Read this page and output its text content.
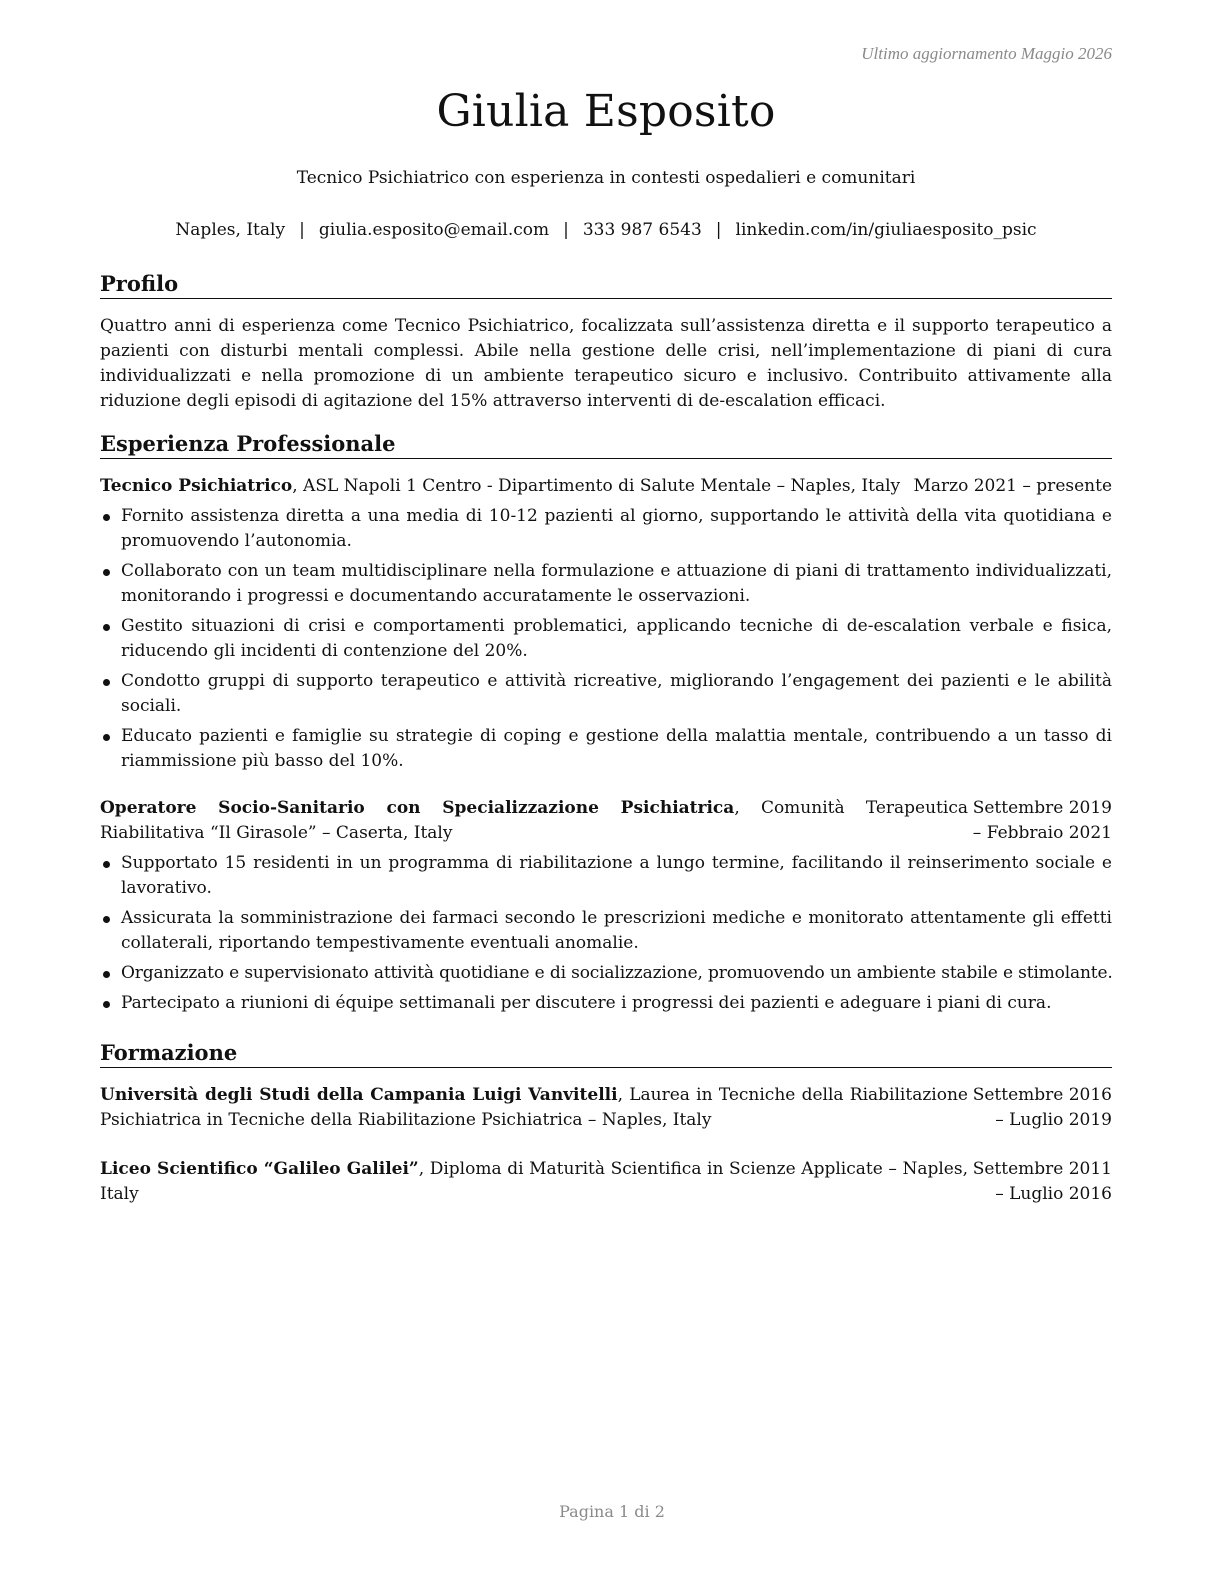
Ultimo aggiornamento Maggio 2026
Giulia Esposito
Tecnico Psichiatrico con esperienza in contesti ospedalieri e comunitari
Naples, Italy | giulia.esposito@email.com | 333 987 6543 | linkedin.com/in/giuliaesposito_psic
Profilo
Quattro anni di esperienza come Tecnico Psichiatrico, focalizzata sull’assistenza diretta e il supporto terapeutico a pazienti con disturbi mentali complessi. Abile nella gestione delle crisi, nell’implementazione di piani di cura individualizzati e nella promozione di un ambiente terapeutico sicuro e inclusivo. Contribuito attivamente alla riduzione degli episodi di agitazione del 15% attraverso interventi di de-escalation efficaci.
Esperienza Professionale
Tecnico Psichiatrico, ASL Napoli 1 Centro - Dipartimento di Salute Mentale – Naples, Italy Marzo 2021 – presente
Fornito assistenza diretta a una media di 10-12 pazienti al giorno, supportando le attività della vita quotidiana e promuovendo l’autonomia.
Collaborato con un team multidisciplinare nella formulazione e attuazione di piani di trattamento individualizzati, monitorando i progressi e documentando accuratamente le osservazioni.
Gestito situazioni di crisi e comportamenti problematici, applicando tecniche di de-escalation verbale e fisica, riducendo gli incidenti di contenzione del 20%.
Condotto gruppi di supporto terapeutico e attività ricreative, migliorando l’engagement dei pazienti e le abilità sociali.
Educato pazienti e famiglie su strategie di coping e gestione della malattia mentale, contribuendo a un tasso di riammissione più basso del 10%.
Operatore Socio-Sanitario con Specializzazione Psichiatrica, Comunità Terapeutica Riabilitativa “Il Girasole” – Caserta, Italy
Settembre 2019 – Febbraio 2021
Supportato 15 residenti in un programma di riabilitazione a lungo termine, facilitando il reinserimento sociale e lavorativo.
Assicurata la somministrazione dei farmaci secondo le prescrizioni mediche e monitorato attentamente gli effetti collaterali, riportando tempestivamente eventuali anomalie.
Organizzato e supervisionato attività quotidiane e di socializzazione, promuovendo un ambiente stabile e stimolante.
Partecipato a riunioni di équipe settimanali per discutere i progressi dei pazienti e adeguare i piani di cura.
Formazione
Università degli Studi della Campania Luigi Vanvitelli, Laurea in Tecniche della Riabilitazione Psichiatrica in Tecniche della Riabilitazione Psichiatrica – Naples, Italy
Settembre 2016 – Luglio 2019
Liceo Scientifico “Galileo Galilei”, Diploma di Maturità Scientifica in Scienze Applicate – Naples, Italy
Settembre 2011 – Luglio 2016
Pagina 1 di 2
